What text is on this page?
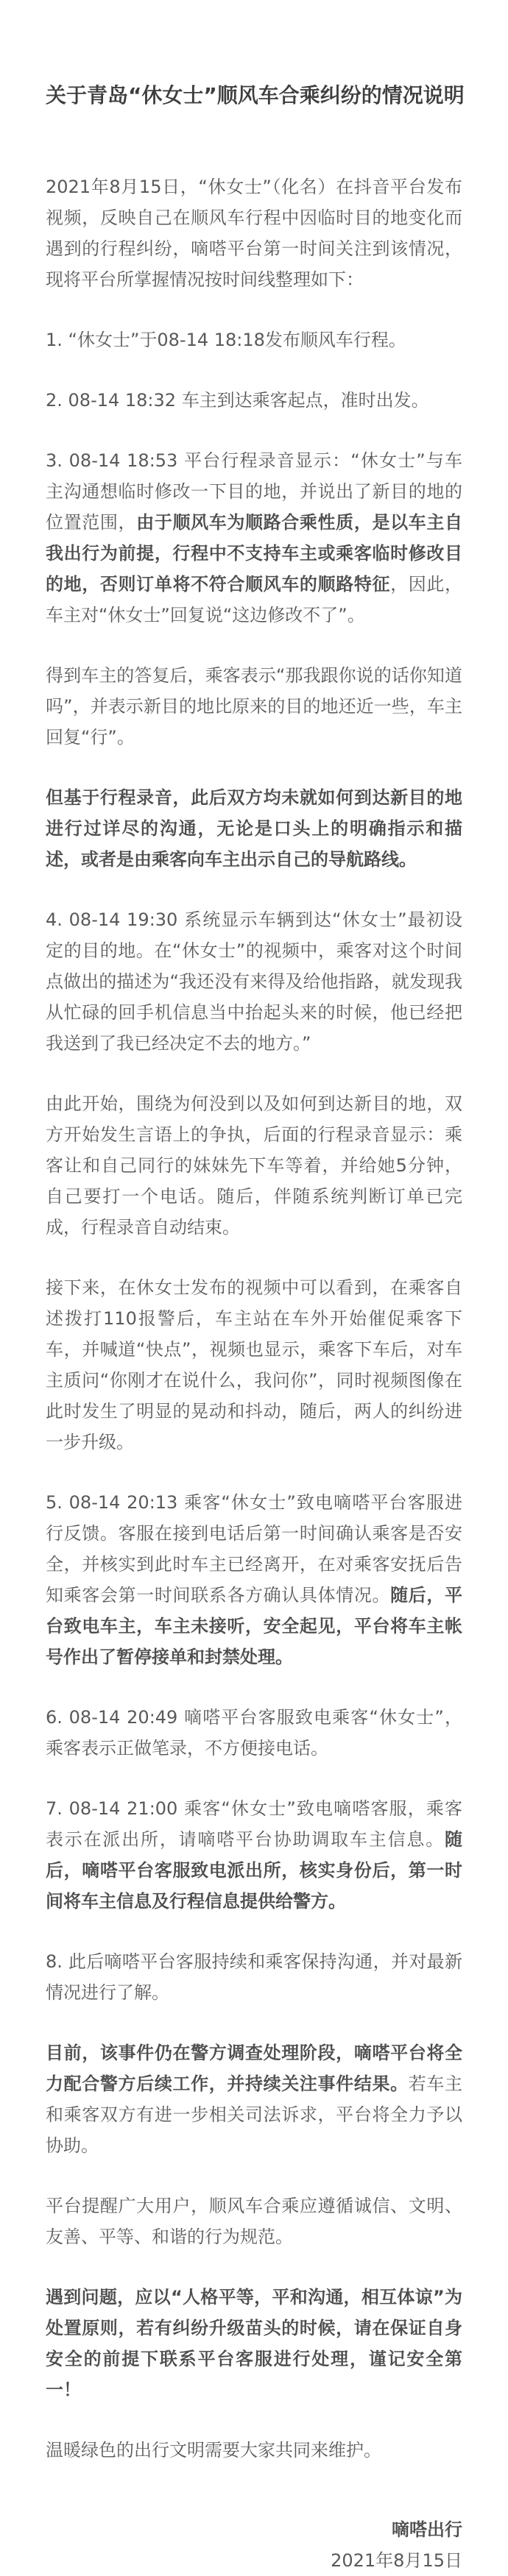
关于青岛“休女士”顺风车合乘纠纷的情况说明

2021年8月15日，“休女士”（化名）在抖音平台发布视频，反映自己在顺风车行程中因临时目的地变化而遇到的行程纠纷，嘀嗒平台第一时间关注到该情况，现将平台所掌握情况按时间线整理如下：

1. “休女士”于08-14 18:18发布顺风车行程。

2. 08-14 18:32 车主到达乘客起点，准时出发。

3. 08-14 18:53 平台行程录音显示：“休女士”与车主沟通想临时修改一下目的地，并说出了新目的地的位置范围，由于顺风车为顺路合乘性质，是以车主自我出行为前提，行程中不支持车主或乘客临时修改目的地，否则订单将不符合顺风车的顺路特征，因此，车主对“休女士”回复说“这边修改不了”。

得到车主的答复后，乘客表示“那我跟你说的话你知道吗”，并表示新目的地比原来的目的地还近一些，车主回复“行”。

但基于行程录音，此后双方均未就如何到达新目的地进行过详尽的沟通，无论是口头上的明确指示和描述，或者是由乘客向车主出示自己的导航路线。

4. 08-14 19:30 系统显示车辆到达“休女士”最初设定的目的地。在“休女士”的视频中，乘客对这个时间点做出的描述为“我还没有来得及给他指路，就发现我从忙碌的回手机信息当中抬起头来的时候，他已经把我送到了我已经决定不去的地方。”

由此开始，围绕为何没到以及如何到达新目的地，双方开始发生言语上的争执，后面的行程录音显示：乘客让和自己同行的妹妹先下车等着，并给她5分钟，自己要打一个电话。随后，伴随系统判断订单已完成，行程录音自动结束。

接下来，在休女士发布的视频中可以看到，在乘客自述拨打110报警后，车主站在车外开始催促乘客下车，并喊道“快点”，视频也显示，乘客下车后，对车主质问“你刚才在说什么，我问你”，同时视频图像在此时发生了明显的晃动和抖动，随后，两人的纠纷进一步升级。

5. 08-14 20:13 乘客“休女士”致电嘀嗒平台客服进行反馈。客服在接到电话后第一时间确认乘客是否安全，并核实到此时车主已经离开，在对乘客安抚后告知乘客会第一时间联系各方确认具体情况。随后，平台致电车主，车主未接听，安全起见，平台将车主帐号作出了暂停接单和封禁处理。

6. 08-14 20:49 嘀嗒平台客服致电乘客“休女士”，乘客表示正做笔录，不方便接电话。

7. 08-14 21:00 乘客“休女士”致电嘀嗒客服，乘客表示在派出所，请嘀嗒平台协助调取车主信息。随后，嘀嗒平台客服致电派出所，核实身份后，第一时间将车主信息及行程信息提供给警方。

8. 此后嘀嗒平台客服持续和乘客保持沟通，并对最新情况进行了解。

目前，该事件仍在警方调查处理阶段，嘀嗒平台将全力配合警方后续工作，并持续关注事件结果。若车主和乘客双方有进一步相关司法诉求，平台将全力予以协助。

平台提醒广大用户，顺风车合乘应遵循诚信、文明、友善、平等、和谐的行为规范。

遇到问题，应以“人格平等，平和沟通，相互体谅”为处置原则，若有纠纷升级苗头的时候，请在保证自身安全的前提下联系平台客服进行处理，谨记安全第一！

温暖绿色的出行文明需要大家共同来维护。

嘀嗒出行

2021年8月15日
